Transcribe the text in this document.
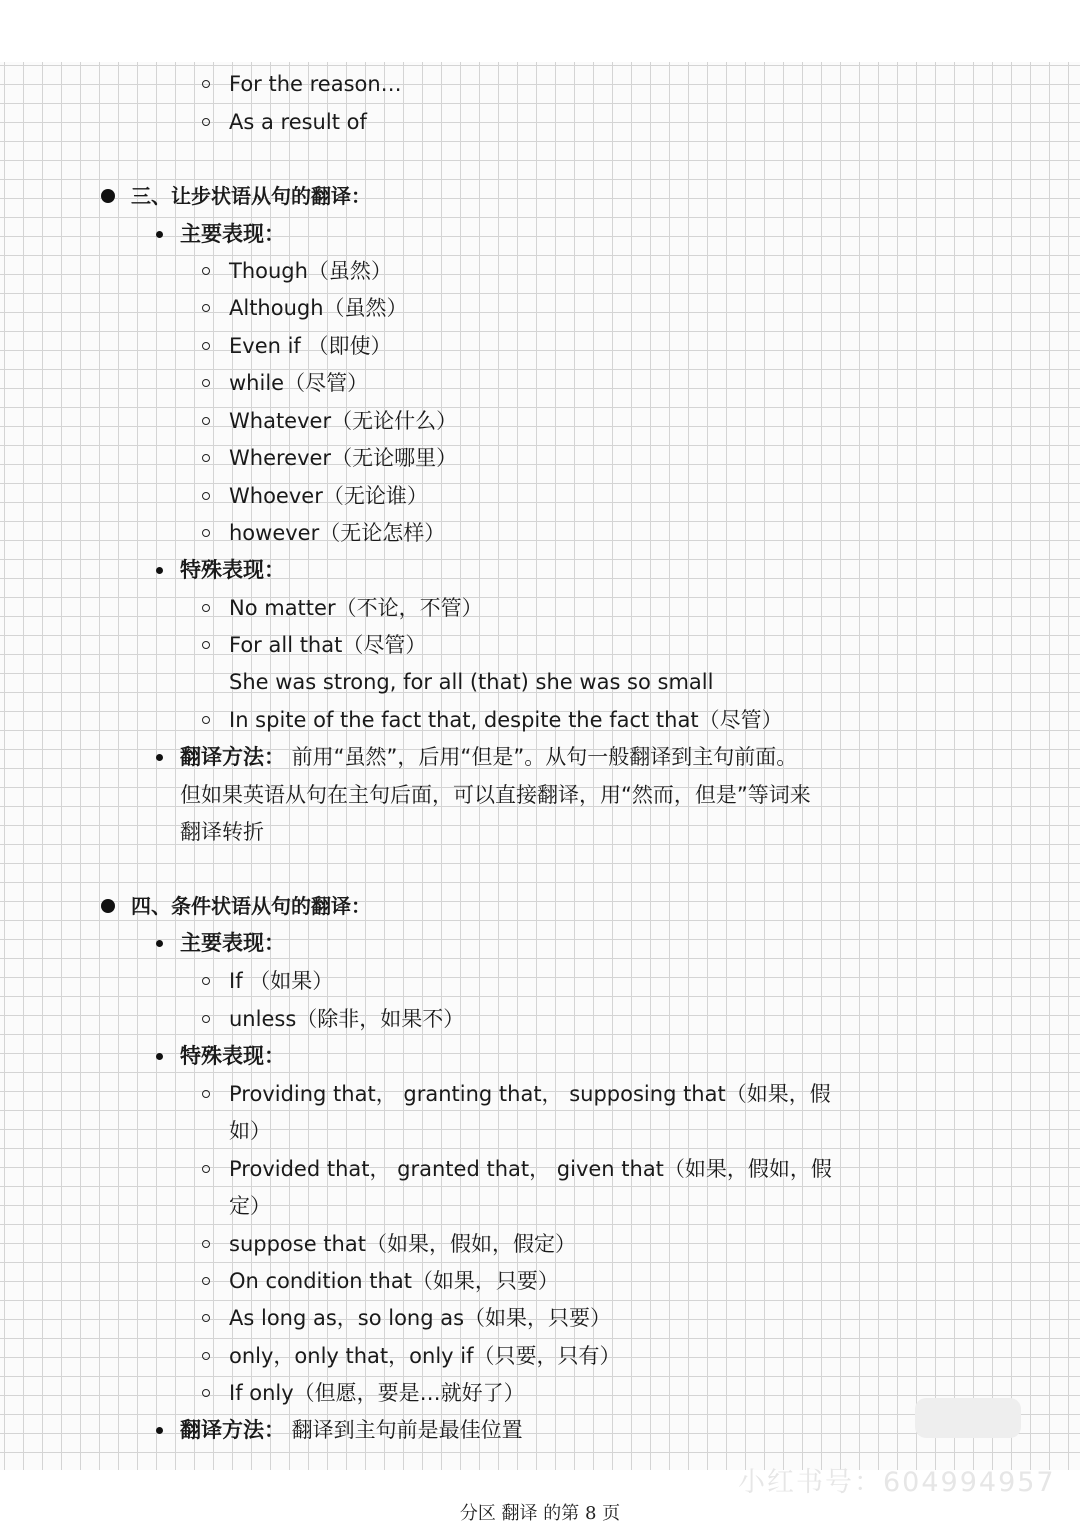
小红书号：604994957
For the reason…
As a result of
三、让步状语从句的翻译：
主要表现：
Though（虽然）
Although（虽然）
Even if （即使）
while（尽管）
Whatever（无论什么）
Wherever（无论哪里）
Whoever（无论谁）
however（无论怎样）
特殊表现：
No matter（不论，不管）
For all that（尽管）
She was strong, for all (that) she was so small
In spite of the fact that, despite the fact that（尽管）
翻译方法： 前用“虽然”，后用“但是”。从句一般翻译到主句前面。
但如果英语从句在主句后面，可以直接翻译，用“然而，但是”等词来
翻译转折
四、条件状语从句的翻译：
主要表现：
If （如果）
unless（除非，如果不）
特殊表现：
Providing that， granting that， supposing that（如果，假
如）
Provided that， granted that， given that（如果，假如，假
定）
suppose that（如果，假如，假定）
On condition that（如果，只要）
As long as，so long as（如果，只要）
only，only that，only if（只要，只有）
If only（但愿，要是…就好了）
翻译方法： 翻译到主句前是最佳位置
分区 翻译 的第 8 页
